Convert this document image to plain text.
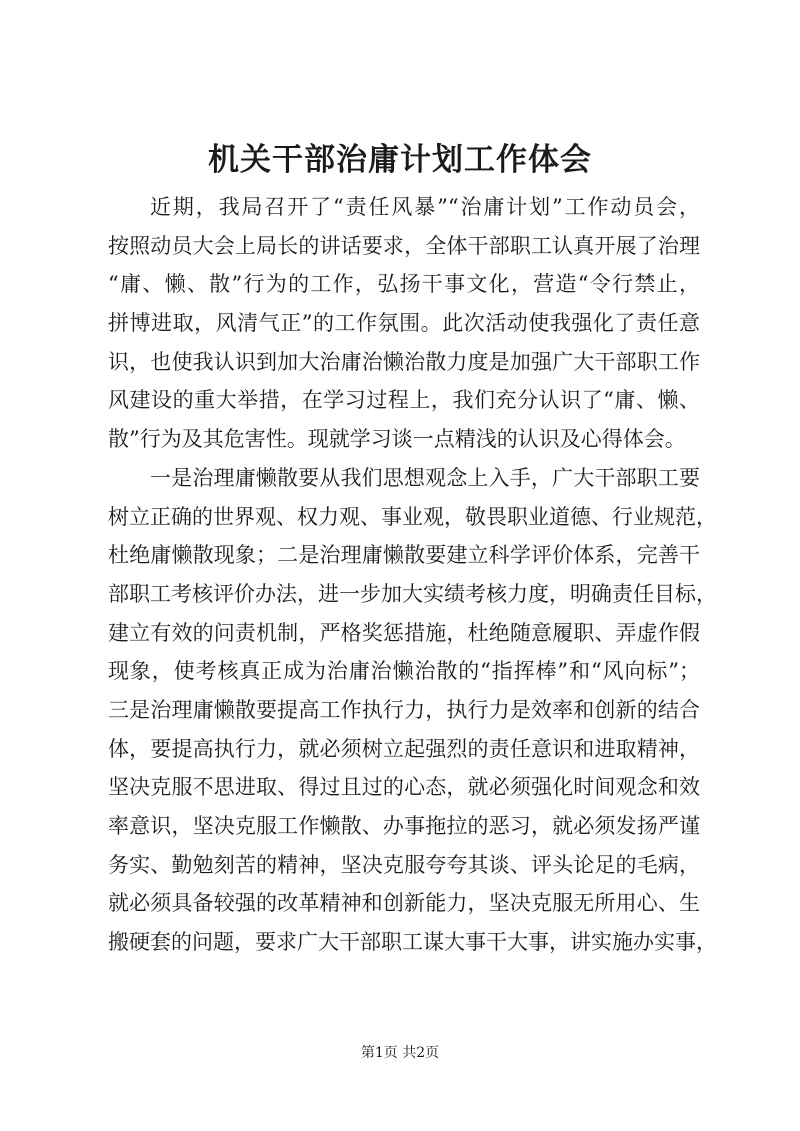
机关干部治庸计划工作体会
近期，我局召开了“责任风暴”“治庸计划”工作动员会，
按照动员大会上局长的讲话要求，全体干部职工认真开展了治理
“庸、懒、散”行为的工作，弘扬干事文化，营造“令行禁止，
拼博进取，风清气正”的工作氛围。此次活动使我强化了责任意
识，也使我认识到加大治庸治懒治散力度是加强广大干部职工作
风建设的重大举措，在学习过程上，我们充分认识了“庸、懒、
散”行为及其危害性。现就学习谈一点精浅的认识及心得体会。
一是治理庸懒散要从我们思想观念上入手，广大干部职工要
树立正确的世界观、权力观、事业观，敬畏职业道德、行业规范，
杜绝庸懒散现象；二是治理庸懒散要建立科学评价体系，完善干
部职工考核评价办法，进一步加大实绩考核力度，明确责任目标，
建立有效的问责机制，严格奖惩措施，杜绝随意履职、弄虚作假
现象，使考核真正成为治庸治懒治散的“指挥棒”和“风向标”；
三是治理庸懒散要提高工作执行力，执行力是效率和创新的结合
体，要提高执行力，就必须树立起强烈的责任意识和进取精神，
坚决克服不思进取、得过且过的心态，就必须强化时间观念和效
率意识，坚决克服工作懒散、办事拖拉的恶习，就必须发扬严谨
务实、勤勉刻苦的精神，坚决克服夸夸其谈、评头论足的毛病，
就必须具备较强的改革精神和创新能力，坚决克服无所用心、生
搬硬套的问题，要求广大干部职工谋大事干大事，讲实施办实事，
第1页 共2页
